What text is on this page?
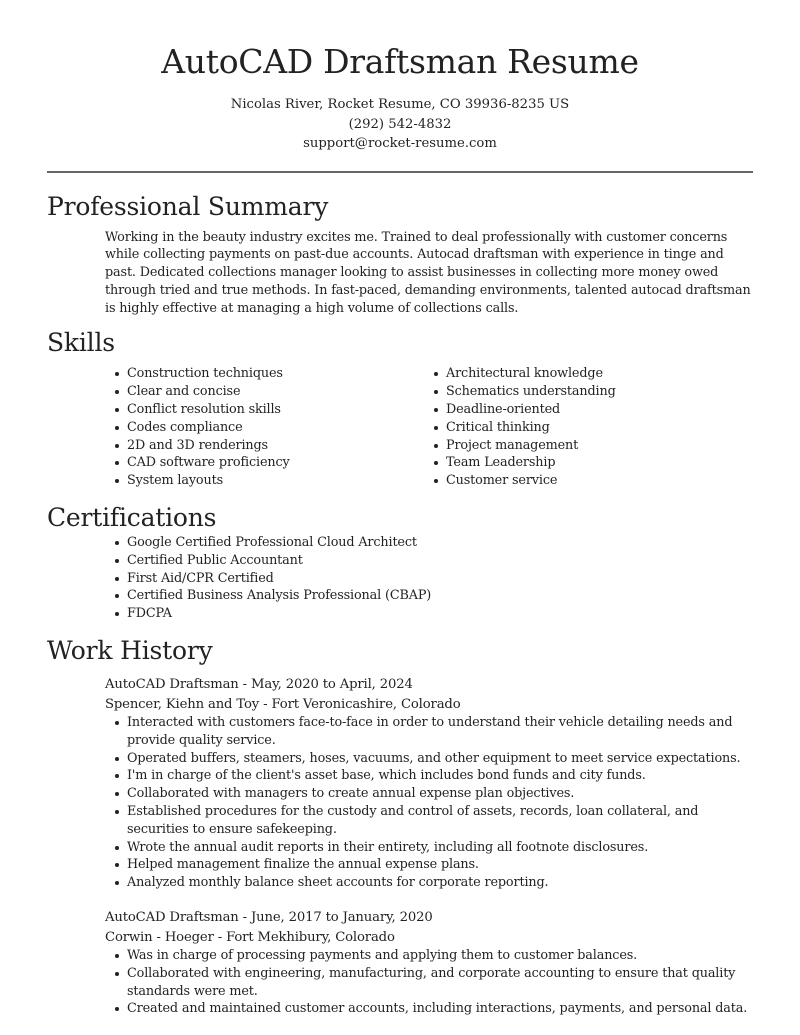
AutoCAD Draftsman Resume
Nicolas River, Rocket Resume, CO 39936-8235 US
(292) 542-4832
support@rocket-resume.com
Professional Summary

Working in the beauty industry excites me. Trained to deal professionally with customer concerns while collecting payments on past-due accounts. Autocad draftsman with experience in tinge and past. Dedicated collections manager looking to assist businesses in collecting more money owed through tried and true methods. In fast-paced, demanding environments, talented autocad draftsman is highly effective at managing a high volume of collections calls.

Skills
Construction techniques
Clear and concise
Conflict resolution skills
Codes compliance
2D and 3D renderings
CAD software proficiency
System layouts
Architectural knowledge
Schematics understanding
Deadline-oriented
Critical thinking
Project management
Team Leadership
Customer service
Certifications
Google Certified Professional Cloud Architect
Certified Public Accountant
First Aid/CPR Certified
Certified Business Analysis Professional (CBAP)
FDCPA
Work History
AutoCAD Draftsman - May, 2020 to April, 2024
Spencer, Kiehn and Toy - Fort Veronicashire, Colorado
Interacted with customers face-to-face in order to understand their vehicle detailing needs and provide quality service.
Operated buffers, steamers, hoses, vacuums, and other equipment to meet service expectations.
I'm in charge of the client's asset base, which includes bond funds and city funds.
Collaborated with managers to create annual expense plan objectives.
Established procedures for the custody and control of assets, records, loan collateral, and securities to ensure safekeeping.
Wrote the annual audit reports in their entirety, including all footnote disclosures.
Helped management finalize the annual expense plans.
Analyzed monthly balance sheet accounts for corporate reporting.
AutoCAD Draftsman - June, 2017 to January, 2020
Corwin - Hoeger - Fort Mekhibury, Colorado
Was in charge of processing payments and applying them to customer balances.
Collaborated with engineering, manufacturing, and corporate accounting to ensure that quality standards were met.
Created and maintained customer accounts, including interactions, payments, and personal data.
